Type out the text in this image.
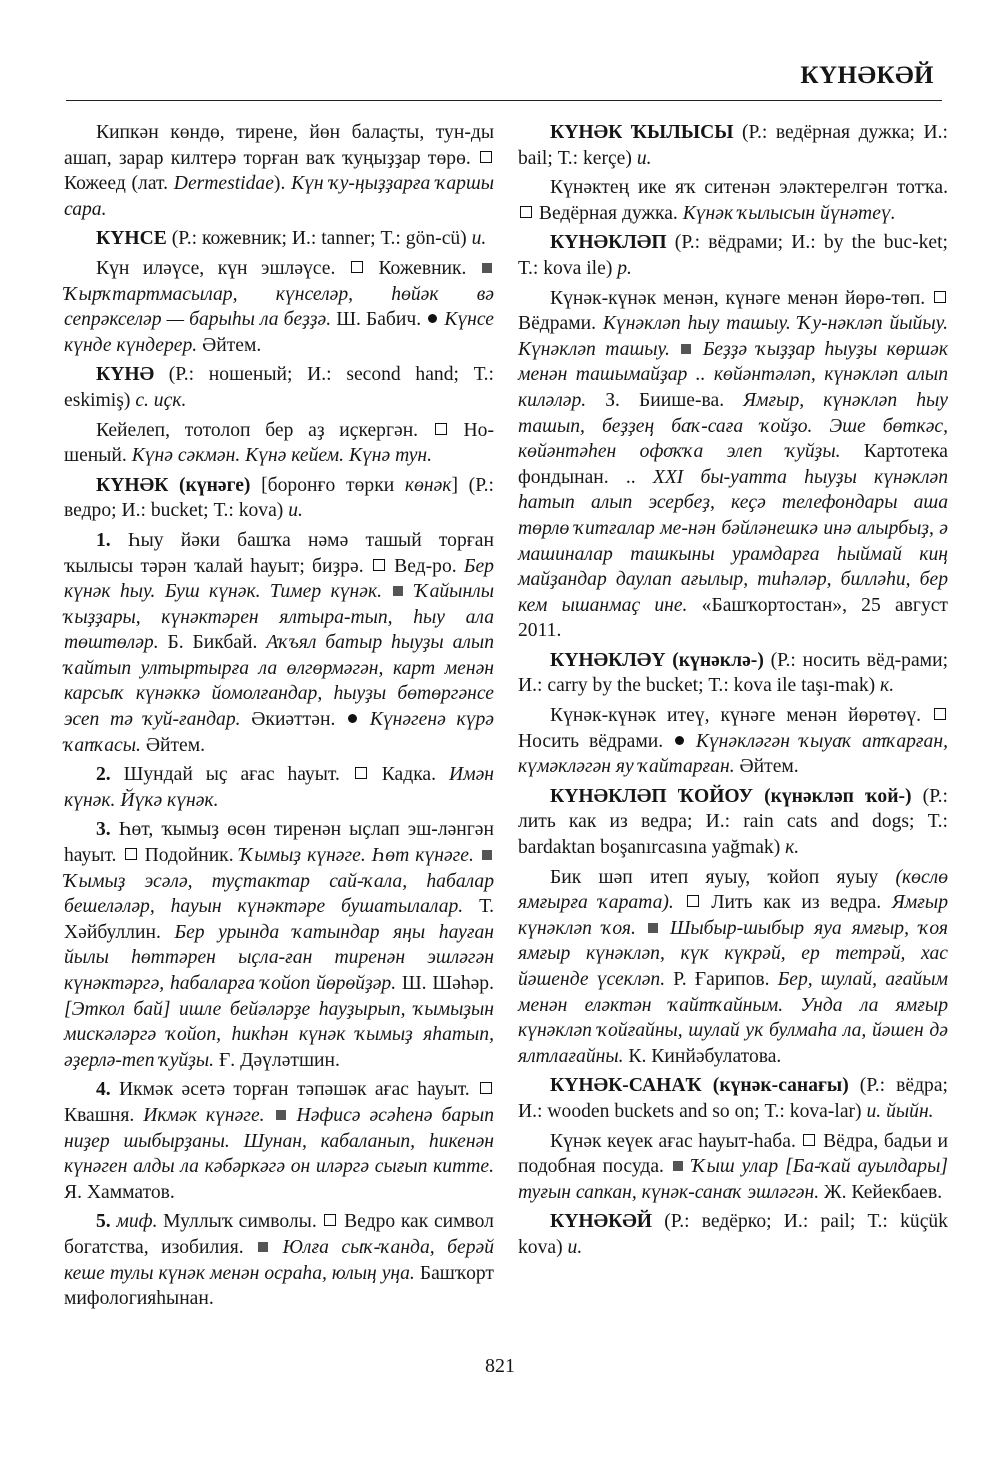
КҮНӘКӘЙ

Кипкән көндө, тирене, йөн балаҫты, тун-ды ашап, зарар килтерә торған ваҡ ҡуңыҙҙар төрө.  Кожеед (лат. Dermestidae). Күн ҡу-ңыҙҙарға ҡаршы сара.

КҮНСЕ (Р.: кожевник; И.: tanner; Т.: gön-cü) и.

Күн иләүсе, күн эшләүсе. Кожевник.  Ҡырҡтартмасылар, күнселәр, һөйәк вә сепрәкселәр — барыһы ла беҙҙә. Ш. Бабич. Күнсе күнде күндерер. Әйтем.

КҮНӘ (Р.: ношеный; И.: second hand; Т.: eskimiş) с. иҫк.

Кейелеп, тотолоп бер аҙ иҫкергән. Но-шеный. Күнә сәкмән. Күнә кейем. Күнә тун.

КҮНӘК (күнәге) [боронғо төрки көнәк] (Р.: ведро; И.: bucket; Т.: kova) и.

1. Һыу йәки башҡа нәмә ташый торған ҡылысы тәрән ҡалай һауыт; биҙрә. Вед-ро. Бер күнәк һыу. Буш күнәк. Тимер күнәк. Ҡайынлы ҡыҙҙары, күнәктәрен ялтыра-тып, һыу ала төштөләр. Б. Бикбай. Аҡъял батыр һыуҙы алып ҡайтып ултыртырға ла өлгөрмәгән, карт менән карсыҡ күнәккә йомолғандар, һыуҙы бөтөргәнсе эсеп тә ҡуй-ғандар. Әкиәттән. Күнәгенә күрә ҡапҡасы. Әйтем.

2. Шундай ыҫ ағас һауыт. Кадка. Имән күнәк. Йүкә күнәк.

3. Һөт, ҡымыҙ өсөн тиренән ыҫлап эш-ләнгән һауыт. Подойник. Ҡымыҙ күнәге. Һөт күнәге.  Ҡымыҙ эсәлә, туҫтактар сай-ҡала, һабалар бешеләләр, һауын күнәктәре бушатылалар. Т. Хәйбуллин. Бер урында ҡатындар яңы һауған йылы һөттәрен ыҫла-ған тиренән эшләгән күнәктәргә, һабаларға ҡойоп йөрөйҙәр. Ш. Шәһәр. [Эткол бай] ишле бейәләрҙе һауҙырып, ҡымыҙын мискәләргә ҡойоп, һикһән күнәк ҡымыҙ яһатып, әҙерлә-теп ҡуйҙы. Ғ. Дәүләтшин.

4. Икмәк әсетә торған тәпәшәк ағас һауыт.  Квашня. Икмәк күнәге. Нәфисә әсәһенә барып ниҙер шыбырҙаны. Шунан, кабаланып, һикенән күнәген алды ла кәбәркәгә он иләргә сығып китте. Я. Хамматов.

5. миф. Муллыҡ символы. Ведро как символ богатства, изобилия. Юлға сыҡ-ҡанда, берәй кеше тулы күнәк менән осраһа, юлың уңа. Башҡорт мифологияһынан.

КҮНӘК ҠЫЛЫСЫ (Р.: ведёрная дужка; И.: bail; Т.: kerçe) и.

Күнәктең ике яҡ ситенән эләктерелгән тотҡа.  Ведёрная дужка. Күнәк ҡылысын йүнәтеү.

КҮНӘКЛӘП (Р.: вёдрами; И.: by the buc-ket; Т.: kova ile) р.

Күнәк-күнәк менән, күнәге менән йөрө-төп.  Вёдрами. Күнәкләп һыу ташыу. Ҡу-нәкләп йыйыу. Күнәкләп ташыу. Беҙҙә ҡыҙҙар һыуҙы көршәк менән ташымайҙар .. көйәнтәләп, күнәкләп алып киләләр. З. Биише-ва. Ямғыр, күнәкләп һыу ташып, беҙҙең баҡ-саға ҡойҙо. Эше бөткәс, көйәнтәһен офоҡҡа элеп ҡуйҙы. Картотека фондынан. .. XXI бы-уатта һыуҙы күнәкләп һатып алып эсербеҙ, кеҫә телефондары аша төрлө ҡитғалар ме-нән бәйләнешкә инә алырбыҙ, ә машиналар ташкыны урамдарға һыймай киң майҙандар даулап ағылыр, тиһәләр, билләһи, бер кем ышанмаҫ ине. «Башҡортостан», 25 август 2011.

КҮНӘКЛӘҮ (күнәклә-) (Р.: носить вёд-рами; И.: carry by the bucket; Т.: kova ile taşı-mak) к.

Күнәк-күнәк итеү, күнәге менән йөрөтөү.  Носить вёдрами. Күнәкләгән ҡыуаҡ атҡарған, күмәкләгән яу ҡайтарған. Әйтем.

КҮНӘКЛӘП ҠОЙОУ (күнәкләп ҡой-) (Р.: лить как из ведра; И.: rain cats and dogs; Т.: bardaktan boşanırcasına yağmak) к.

Бик шәп итеп яуыу, ҡойоп яуыу (көслө ямғырға ҡарата). Лить как из ведра. Ямғыр күнәкләп ҡоя. Шыбыр-шыбыр яуа ямғыр, ҡоя ямғыр күнәкләп, күк күкрәй, ер тетрәй, хас йәшенде үсекләп. Р. Ғарипов. Бер, шулай, ағайым менән еләктән ҡайтҡайным. Унда ла ямғыр күнәкләп ҡойғайны, шулай ук булмаһа ла, йәшен дә ялтлағайны. К. Кинйәбулатова.

КҮНӘК-САНАҠ (күнәк-санағы) (Р.: вёдра; И.: wooden buckets and so on; Т.: kova-lar) и. йыйн.

Күнәк кеүек ағас һауыт-һаба. Вёдра, бадьи и подобная посуда. Ҡыш улар [Ба-ҡай ауылдары] туғын сапкан, күнәк-санаҡ эшләгән. Ж. Кейекбаев.

КҮНӘКӘЙ (Р.: ведёрко; И.: pail; Т.: küçük kova) и.

821
